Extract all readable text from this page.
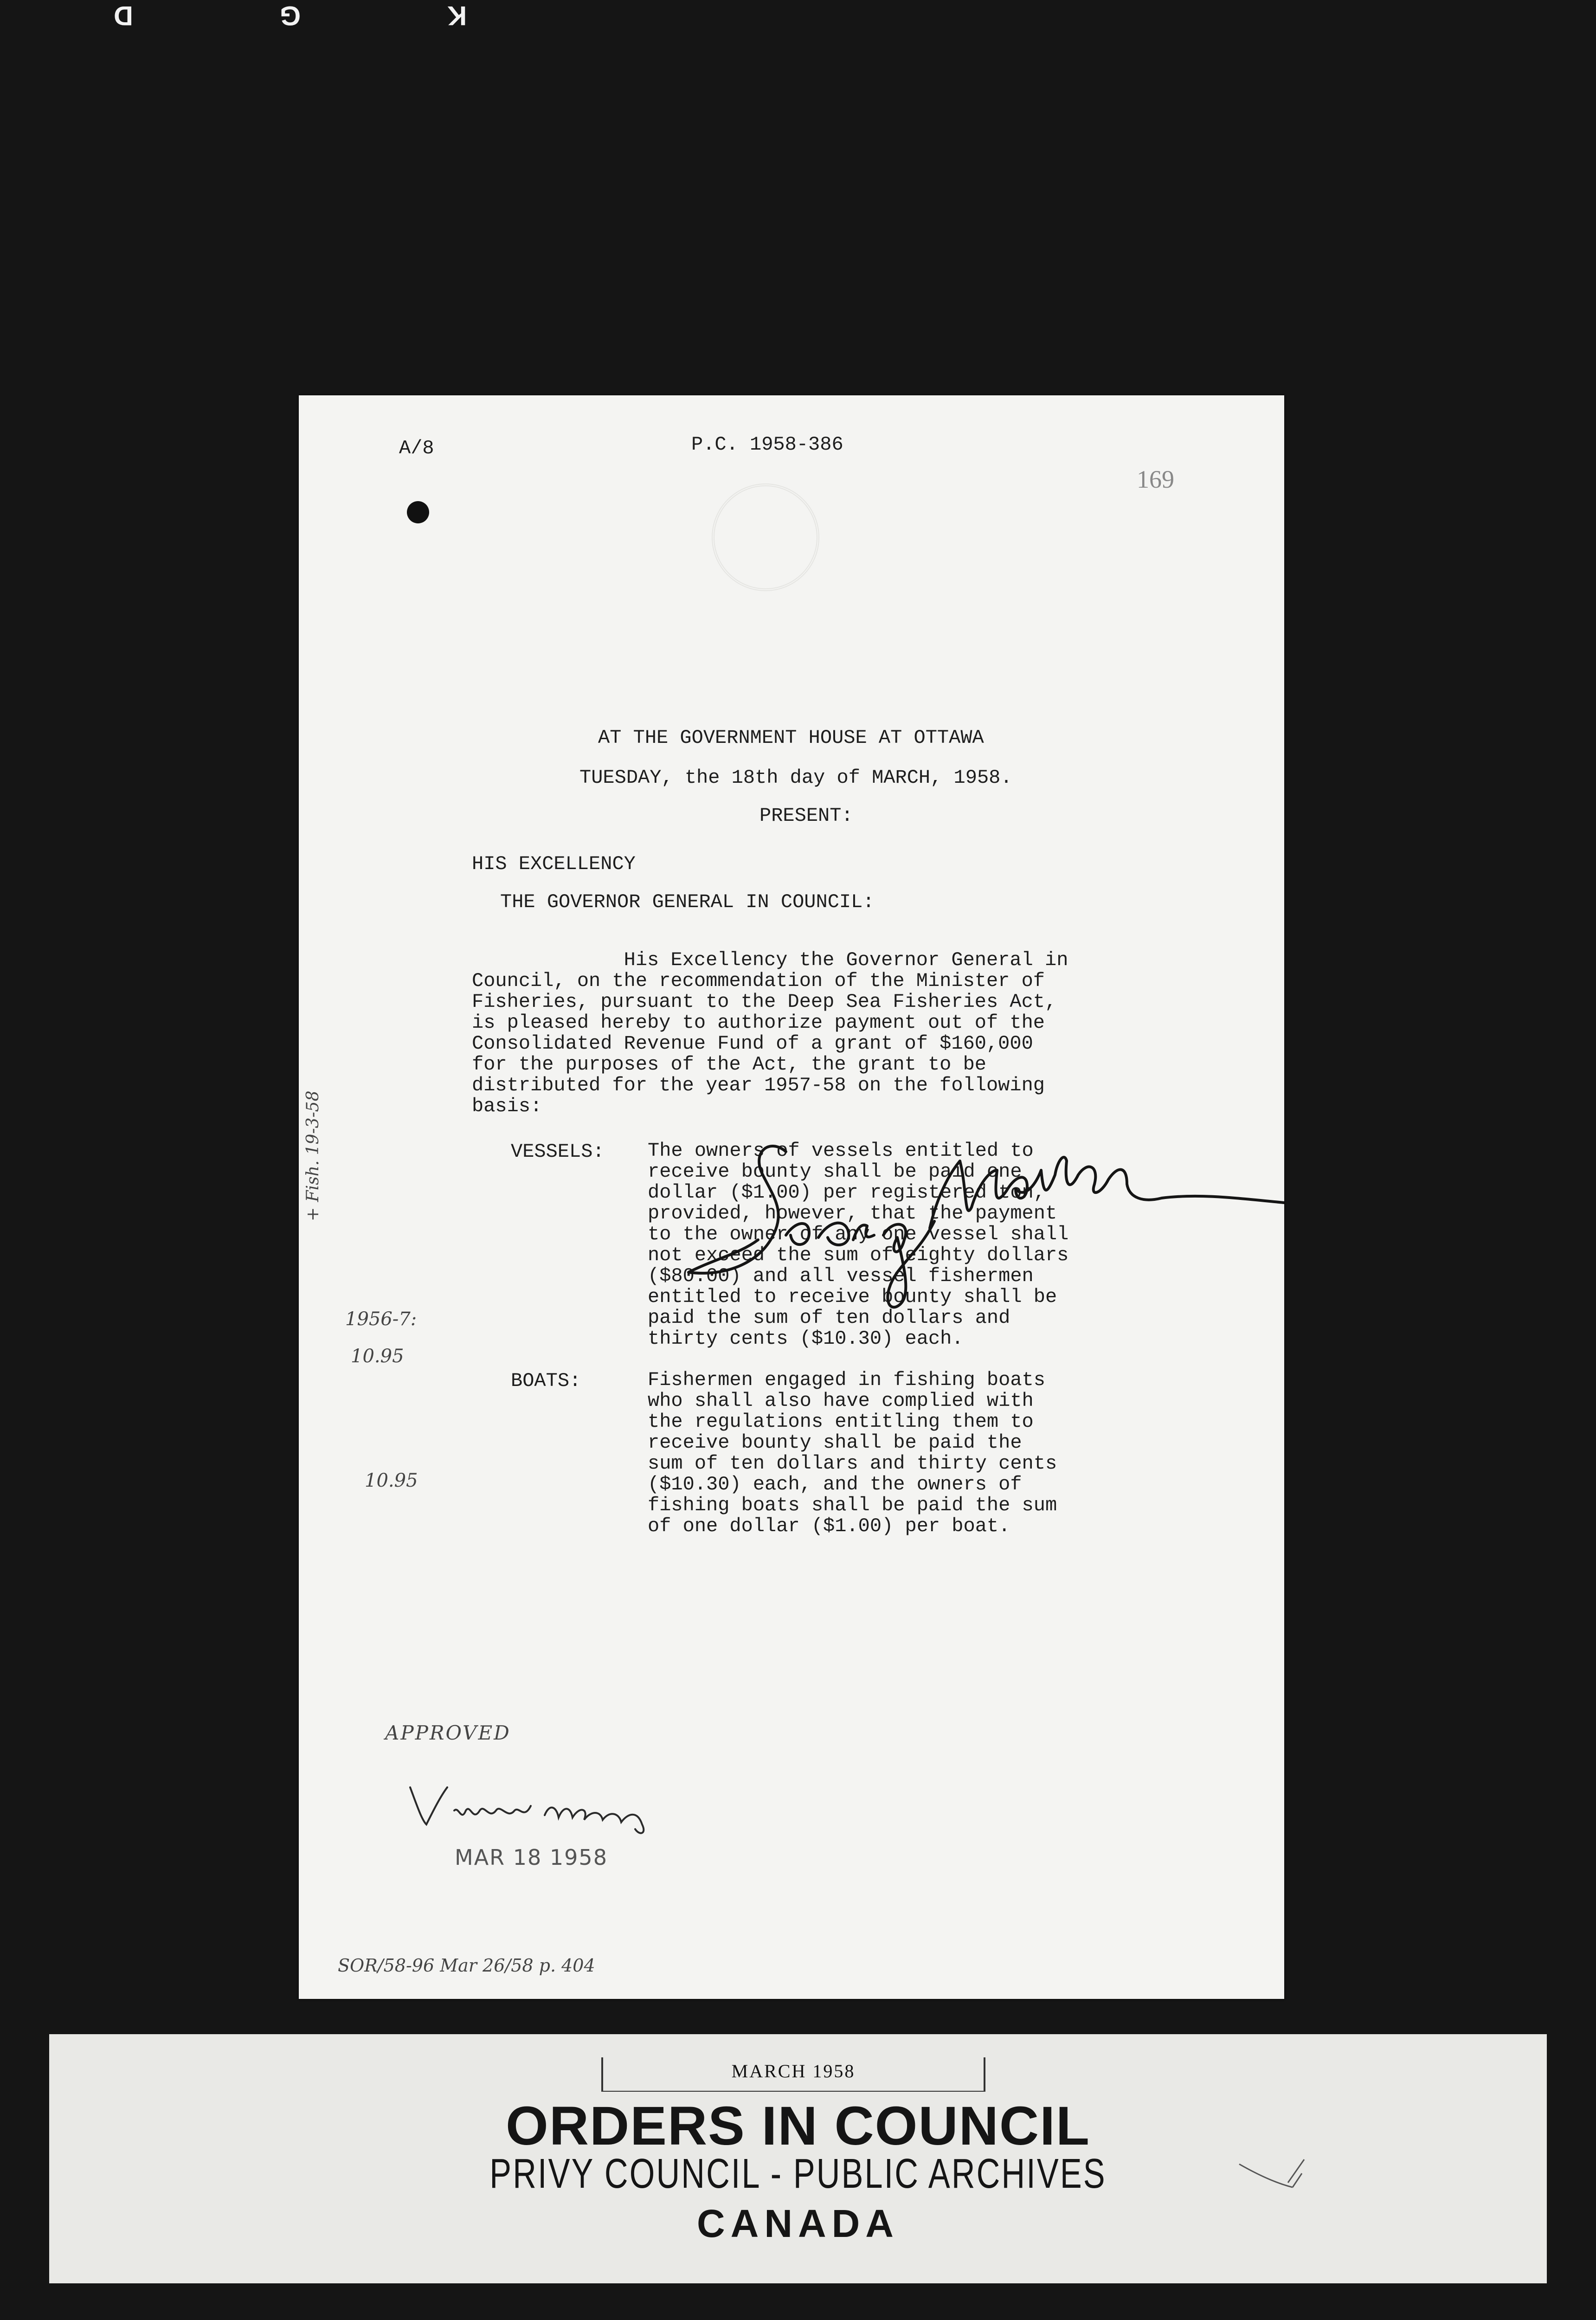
K G D
A/8	P.C. 1958-386
169
AT THE GOVERNMENT HOUSE AT OTTAWA
TUESDAY, the 18th day of MARCH, 1958.
PRESENT:
HIS EXCELLENCY
THE GOVERNOR GENERAL IN COUNCIL:
His Excellency the Governor General in
Council, on the recommendation of the Minister of
Fisheries, pursuant to the Deep Sea Fisheries Act,
is pleased hereby to authorize payment out of the
Consolidated Revenue Fund of a grant of $160,000
for the purposes of the Act, the grant to be
distributed for the year 1957-58 on the following
basis:
VESSELS: The owners of vessels entitled to
receive bounty shall be paid one
dollar ($1.00) per registered ton,
provided, however, that the payment
to the owner of any one vessel shall
not exceed the sum of eighty dollars
($80.00) and all vessel fishermen
entitled to receive bounty shall be
paid the sum of ten dollars and
thirty cents ($10.30) each.
BOATS:	Fishermen engaged in fishing boats
who shall also have complied with
the regulations entitling them to
receive bounty shall be paid the
sum of ten dollars and thirty cents
($10.30) each, and the owners of
fishing boats shall be paid the sum
of one dollar ($1.00) per boat.
+ Fish. 19-3-58
1956-7:
10.95
10.95
APPROVED
MAR 18 1958
SOR/58-96 Mar 26/58 p. 404
MARCH 1958
ORDERS IN COUNCIL
PRIVY COUNCIL - PUBLIC ARCHIVES
CANADA
